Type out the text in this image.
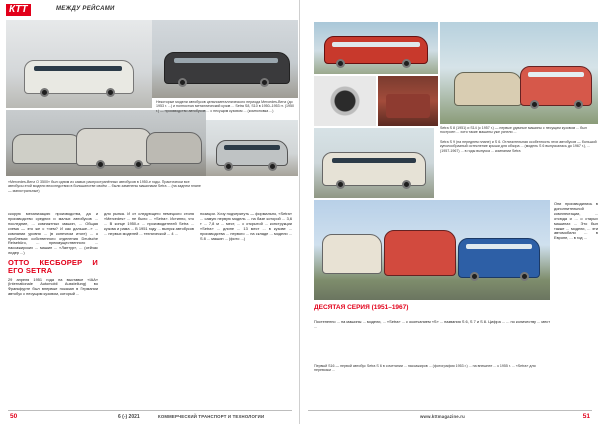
КТТ	МЕЖДУ РЕЙСАМИ
Некоторые модели автобусов цельнометаллического периода Mercedes-Benz (до 1953 г. ...) и полностью металлический кузов ... Setra S8, S10 в 1950–1953 гг. (1950 г.) — производство автобусов ... с несущим кузовом ... (компоновка ...)
«Mercedes-Benz O 3500» был одним из самых распространённых автобусов в 1950-е годы. Практически все автобусы этой модели впоследствии в большинстве своём ... были заменены машинами Setra ... (на заднем плане — магистральные)

скорую механизацию производства, да и производство средних и малых автобусов ... последние, ... компактных машин, ... Общая схема — это же с «чем? И как дальше...» ... компании уровня ... (в конечном итоге) ... о проблемах собственного отделения Deutsche Reisebüro, ... преимущественного ... пассажирских ... машин ... «Лантур», ... (сейчас лидер ...)

ОТТО КЕСБОРЕР И ЕГО SETRA

29 апреля 1951 года на выставке «IAA» (Internationale Automobil Ausstellung) во Франкфурте был впервые показан в Германии автобус с несущим кузовом, который ...

для рынка. И от следующего немецкого стиля «Mercedes» ... не было ... «Setra». Истинно, что ... В конце 1950-х ... производителей Setra ... кузова и рама ... В 1951 году ... выпуск автобусов ... первых моделей ... технической ... 4 ...

позиции. Хочу подчеркнуть — формально, «Setra» ... самую первую модель ... на базе которой ... 3,6 т ... 7,8 м ... мест, ... с открытой ... конструкции «Setra» ... длине ... 13 мест ... в кузове ... производства ... первого ... на складе ... модели ... S 8 ... машин ... (фото ...)

50	6 (-) 2021	КОММЕРЧЕСКИЙ ТРАНСПОРТ И ТЕХНОЛОГИИ
Setra S 8 (1951) и S14 (с 1957 г.) — первые удачные машины с несущим кузовом ... был построен ... хотя такие машины уже успели ...
Setra S 9 (на переднем плане) и S 6. Отличительная особенность этих автобусов — большой куполообразный остекление крыши для обзора ... (модель S 6 выпускалась до 1967 г.), ... (1957-1967) ... в годы выпуска ... компании Setra

Они производились в дополнительной комплектации, ... отсюда и ... о старых машинах ... Это был также ... модели, ... эти автомобили ... в Европе, ... в год ...

ДЕСЯТАЯ СЕРИЯ (1951–1967)

Постепенно ... на машины ... модели, ... «Setra» ... с окончанием «S» ... названия S 6, S 7 и S 8. Цифра ... ... по количеству ... мест ...

Первый S16 — первой автобус Setra S 6 в сочетании ... пассажиров ... (фотография 1953 г.) ... на внешнее ... к 1955 г. ... «Setra» для перевозки ...
www.kttmagazine.ru	51
